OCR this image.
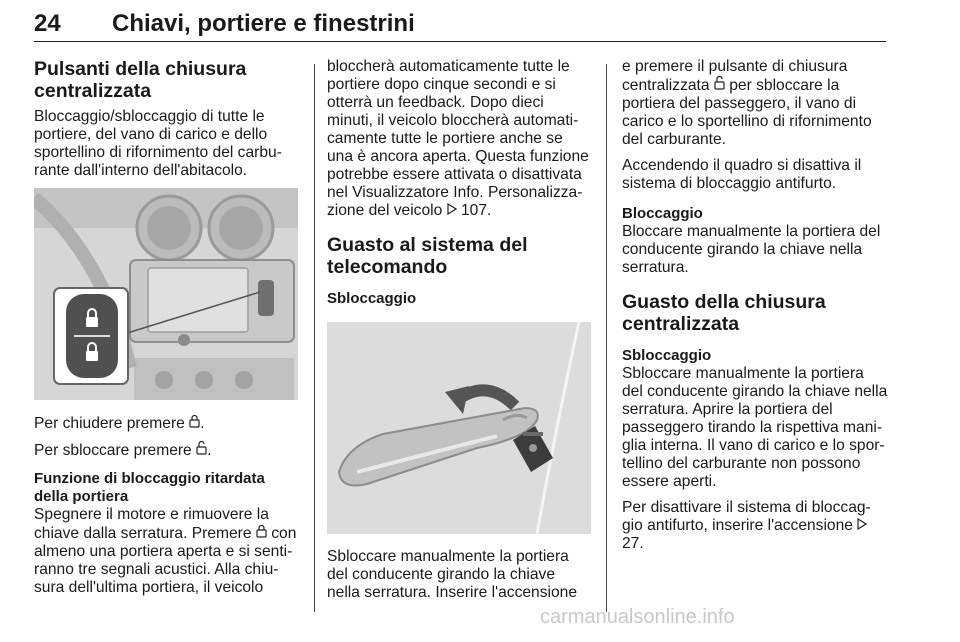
24 Chiavi, portiere e finestrini
Pulsanti della chiusura centralizzata

Bloccaggio/sbloccaggio di tutte le portiere, del vano di carico e dello sportellino di rifornimento del carbu- rante dall'interno dell'abitacolo.

Per chiudere premere .

Per sbloccare premere .

Funzione di bloccaggio ritardata della portiera

Spegnere il motore e rimuovere la chiave dalla serratura. Premere con almeno una portiera aperta e si senti- ranno tre segnali acustici. Alla chiu- sura dell'ultima portiera, il veicolo

bloccherà automaticamente tutte le portiere dopo cinque secondi e si otterrà un feedback. Dopo dieci minuti, il veicolo bloccherà automati- camente tutte le portiere anche se una è ancora aperta. Questa funzione potrebbe essere attivata o disattivata nel Visualizzatore Info. Personalizza- zione del veicolo 107.

Guasto al sistema del telecomando
Sbloccaggio

Sbloccare manualmente la portiera del conducente girando la chiave nella serratura. Inserire l'accensione

e premere il pulsante di chiusura centralizzata per sbloccare la portiera del passeggero, il vano di carico e lo sportellino di rifornimento del carburante.

Accendendo il quadro si disattiva il sistema di bloccaggio antifurto.

Bloccaggio

Bloccare manualmente la portiera del conducente girando la chiave nella serratura.

Guasto della chiusura centralizzata
Sbloccaggio

Sbloccare manualmente la portiera del conducente girando la chiave nella serratura. Aprire la portiera del passeggero tirando la rispettiva mani- glia interna. Il vano di carico e lo spor- tellino del carburante non possono essere aperti.

Per disattivare il sistema di bloccag- gio antifurto, inserire l'accensione  27.

carmanualsonline.info
